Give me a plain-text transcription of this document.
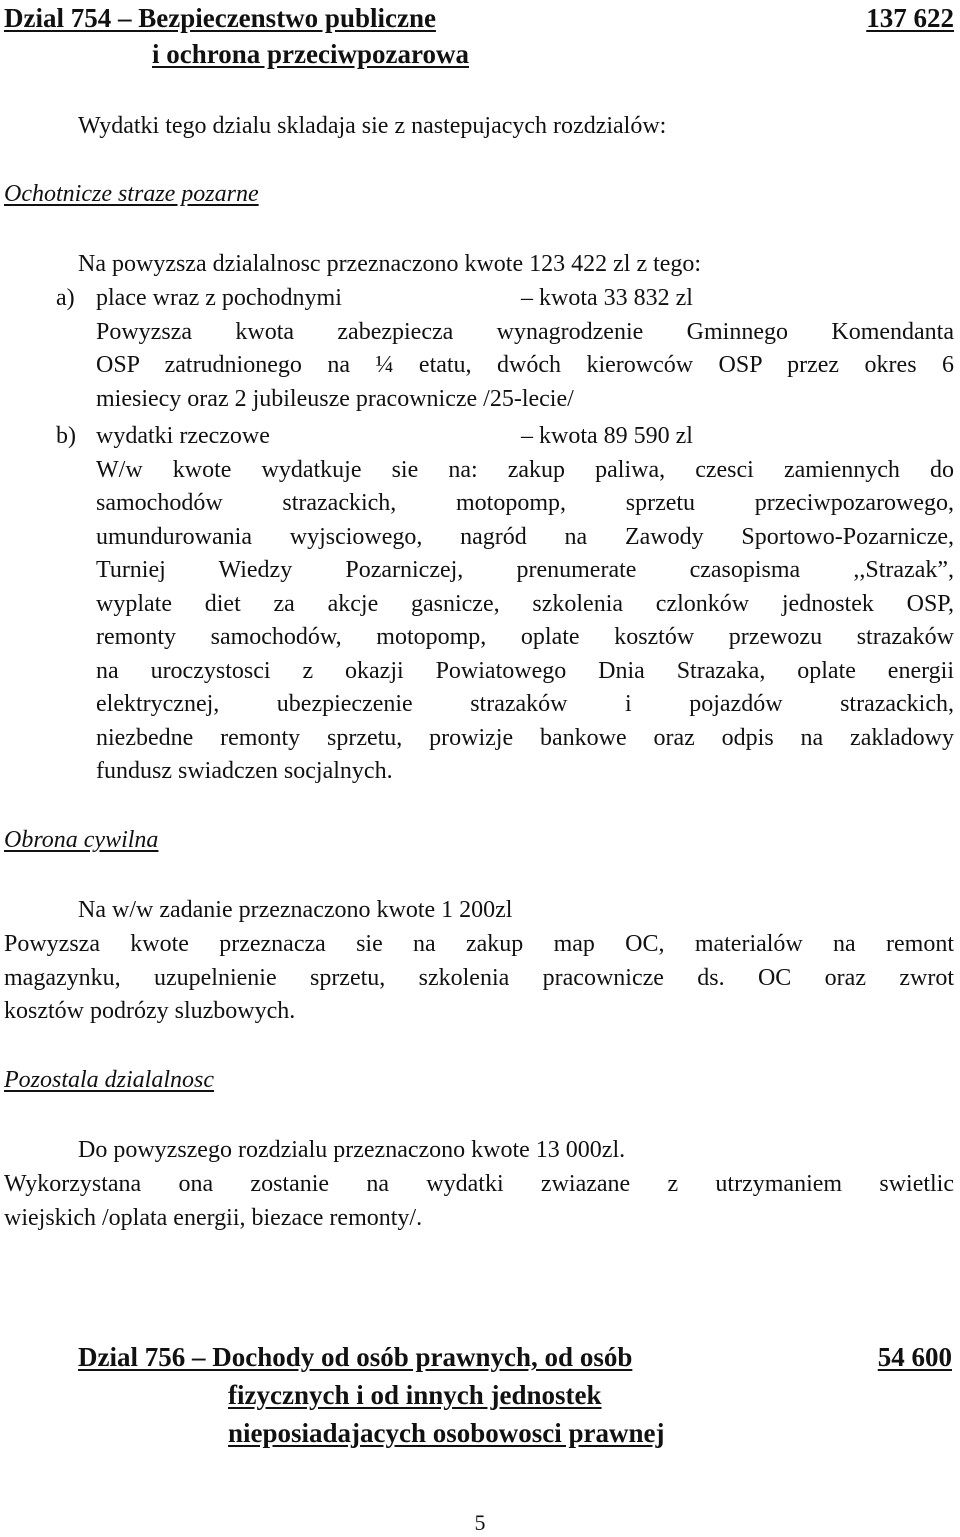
Dzial 754 – Bezpieczenstwo publiczne
i ochrona przeciwpozarowa
137 622
Wydatki tego dzialu skladaja sie z nastepujacych rozdzialów:
Ochotnicze straze pozarne
Na powyzsza dzialalnosc przeznaczono kwote 123 422 zl z tego:
a) place wraz z pochodnymi	– kwota 33 832 zl
Powyzsza kwota zabezpiecza wynagrodzenie Gminnego Komendanta
OSP zatrudnionego na ¼ etatu, dwóch kierowców OSP przez okres 6
miesiecy oraz 2 jubileusze pracownicze /25-lecie/
b) wydatki rzeczowe	– kwota 89 590 zl
W/w kwote wydatkuje sie na: zakup paliwa, czesci zamiennych do
samochodów strazackich, motopomp, sprzetu przeciwpozarowego,
umundurowania wyjsciowego, nagród na Zawody Sportowo-Pozarnicze,
Turniej Wiedzy Pozarniczej, prenumerate czasopisma ,,Strazak”,
wyplate diet za akcje gasnicze, szkolenia czlonków jednostek OSP,
remonty samochodów, motopomp, oplate kosztów przewozu strazaków
na uroczystosci z okazji Powiatowego Dnia Strazaka, oplate energii
elektrycznej, ubezpieczenie strazaków i pojazdów strazackich,
niezbedne remonty sprzetu, prowizje bankowe oraz odpis na zakladowy
fundusz swiadczen socjalnych.
Obrona cywilna
Na w/w zadanie przeznaczono kwote 1 200zl
Powyzsza kwote przeznacza sie na zakup map OC, materialów na remont
magazynku, uzupelnienie sprzetu, szkolenia pracownicze ds. OC oraz zwrot
kosztów podrózy sluzbowych.
Pozostala dzialalnosc
Do powyzszego rozdzialu przeznaczono kwote 13 000zl.
Wykorzystana ona zostanie na wydatki zwiazane z utrzymaniem swietlic
wiejskich /oplata energii, biezace remonty/.
Dzial 756 – Dochody od osób prawnych, od osób
fizycznych i od innych jednostek
nieposiadajacych osobowosci prawnej
54 600
5
